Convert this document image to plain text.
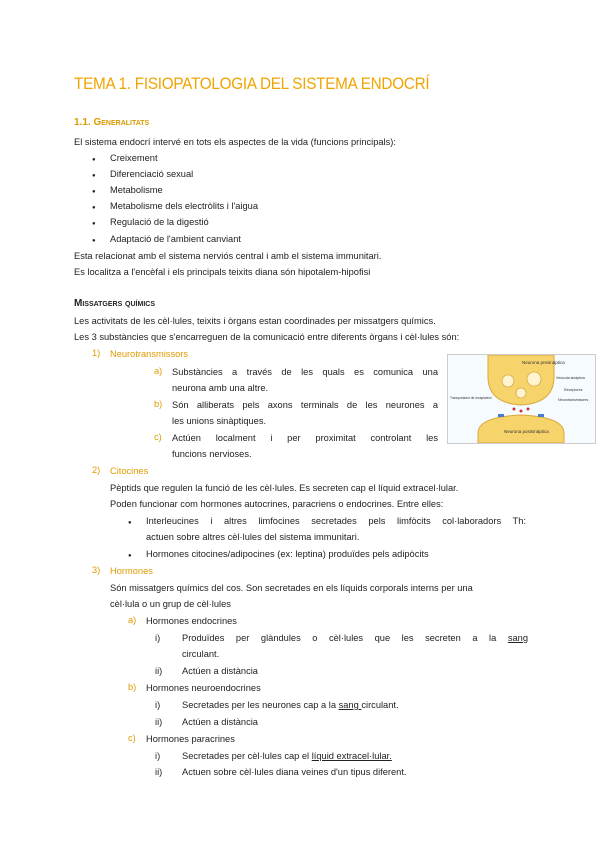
TEMA 1. FISIOPATOLOGIA DEL SISTEMA ENDOCRÍ
1.1. Generalitats
El sistema endocrí intervé en tots els aspectes de la vida (funcions principals):
● Creixement
● Diferenciació sexual
● Metabolisme
● Metabolisme dels electròlits i l'aigua
● Regulació de la digestió
● Adaptació de l'ambient canviant
Esta relacionat amb el sistema nerviós central i amb el sistema immunitari.
Es localitza a l'encèfal i els principals teixits diana són hipotalem-hipofisi
Missatgers químics
Les activitats de les cèl·lules, teixits i òrgans estan coordinades per missatgers químics.
Les 3 substàncies que s'encarreguen de la comunicació entre diferents òrgans i cèl·lules són:
1) Neurotransmissors
a) Substàncies a través de les quals es comunica una
neurona amb una altre.
b) Són alliberats pels axons terminals de les neurones a
les unions sinàptiques.
c) Actúen localment i per proximitat controlant les
funcions nervioses.
Neurona presináptica
Vesícula sináptica
Neurotransmisores
Receptores
Transportador de recaptación
Neurona postsináptica
2) Citocines
Pèptids que regulen la funció de les cèl·lules. Es secreten cap el líquid extracel·lular.
Poden funcionar com hormones autocrines, paracriens o endocrines. Entre elles:
● Interleucines i altres limfocines secretades pels limfòcits col·laboradors Th:
actuen sobre altres cèl·lules del sistema immunitari.
● Hormones citocines/adipocines (ex: leptina) produïdes pels adipòcits
3) Hormones
Són missatgers químics del cos. Son secretades en els líquids corporals interns per una
cèl·lula o un grup de cèl·lules
a) Hormones endocrines
i) Produïdes per glàndules o cèl·lules que les secreten a la sang
circulant.
ii) Actúen a distància
b) Hormones neuroendocrines
i) Secretades per les neurones cap a la sang circulant.
ii) Actúen a distància
c) Hormones paracrines
i) Secretades per cèl·lules cap el líquid extracel·lular.
ii) Actuen sobre cèl·lules diana veines d'un tipus diferent.
